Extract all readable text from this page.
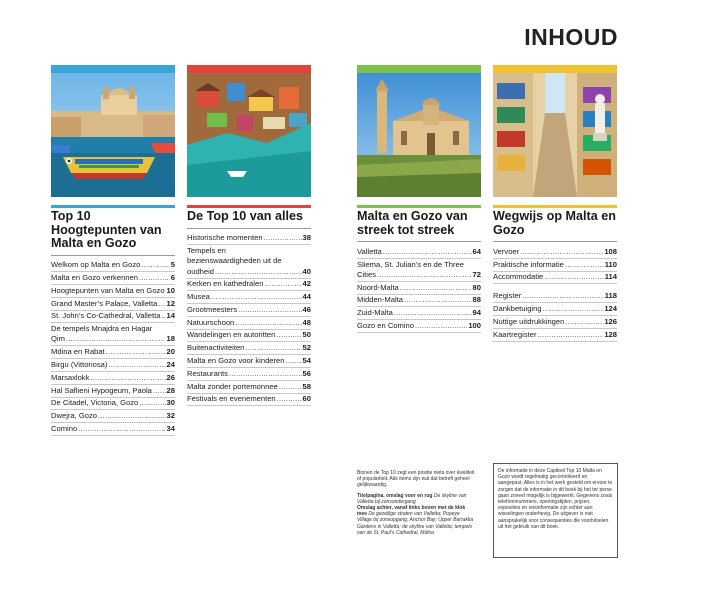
INHOUD
Top 10 Hoogtepunten van Malta en Gozo
Welkom op Malta en Gozo .....	5
Malta en Gozo verkennen .....	6
Hoogtepunten van Malta en Gozo ..... 10
Grand Master’s Palace, Valletta .....	12
St. John’s Co-Cathedral, Valletta ..... 14
De tempels Mnajdra en Hagar Qim .....	18
Mdina en Rabat .....	20
Birgu (Vittoriosa) .....	24
Marsaxlokk .....	26
Hal Saflieni Hypogeum, Paola .....	28
De Citadel, Victoria, Gozo .....	30
Dwejra, Gozo .....	32
Comino .....	34
De Top 10 van alles
Historische momenten .....	38
Tempels en bezienswaardigheden uit de oudheid .....	40
Kerken en kathedralen .....	42
Musea .....	44
Grootmeesters .....	46
Natuurschoon .....	48
Wandelingen en autoritten .....	50
Buitenactiviteiten .....	52
Malta en Gozo voor kinderen .....	54
Restaurants .....	56
Malta zonder portemonnee .....	58
Festivals en evenementen .....	60
Malta en Gozo van streek tot streek
Valletta .....	64
Sliema, St. Julian’s en de Three Cities .....	72
Noord-Malta .....	80
Midden-Malta .....	88
Zuid-Malta .....	94
Gozo en Comino .....	100
Wegwijs op Malta en Gozo
Vervoer .....	108
Praktische informatie .....	110
Accommodatie .....	114
Register .....	118
Dankbetuiging .....	124
Nuttige uitdrukkingen .....	126
Kaartregister .....	128

Binnen de Top 10 zegt een positie niets over kwaliteit of populariteit. Alle items zijn wat dat betreft geheel gelijkwaardig.

Titelpagina, omslag voor en rug De skyline van Valletta bij zonsondergang
Omslag achter, vanaf links boven met de klok mee De gezellige straten van Valletta; Popeye Village bij zonsopgang; Anchor Bay; Upper Barrakka Gardens in Valletta; de skyline van Valletta; tempels van de St. Paul’s Cathedral, Mdina

De informatie in deze Capitool Top 10 Malta en Gozo wordt regelmatig gecontroleerd en aangepast. Alles is in het werk gesteld om ervoor te zorgen dat de informatie in dit boek bij het ter perse gaan zoveel mogelijk is bijgewerkt. Gegevens zoals telefoonnummers, openingstijden, prijzen, exposities en reisinformatie zijn echter aan wisselingen onderhevig. De uitgever is niet aansprakelijk voor consequenties die voortvloeien uit het gebruik van dit boek.
